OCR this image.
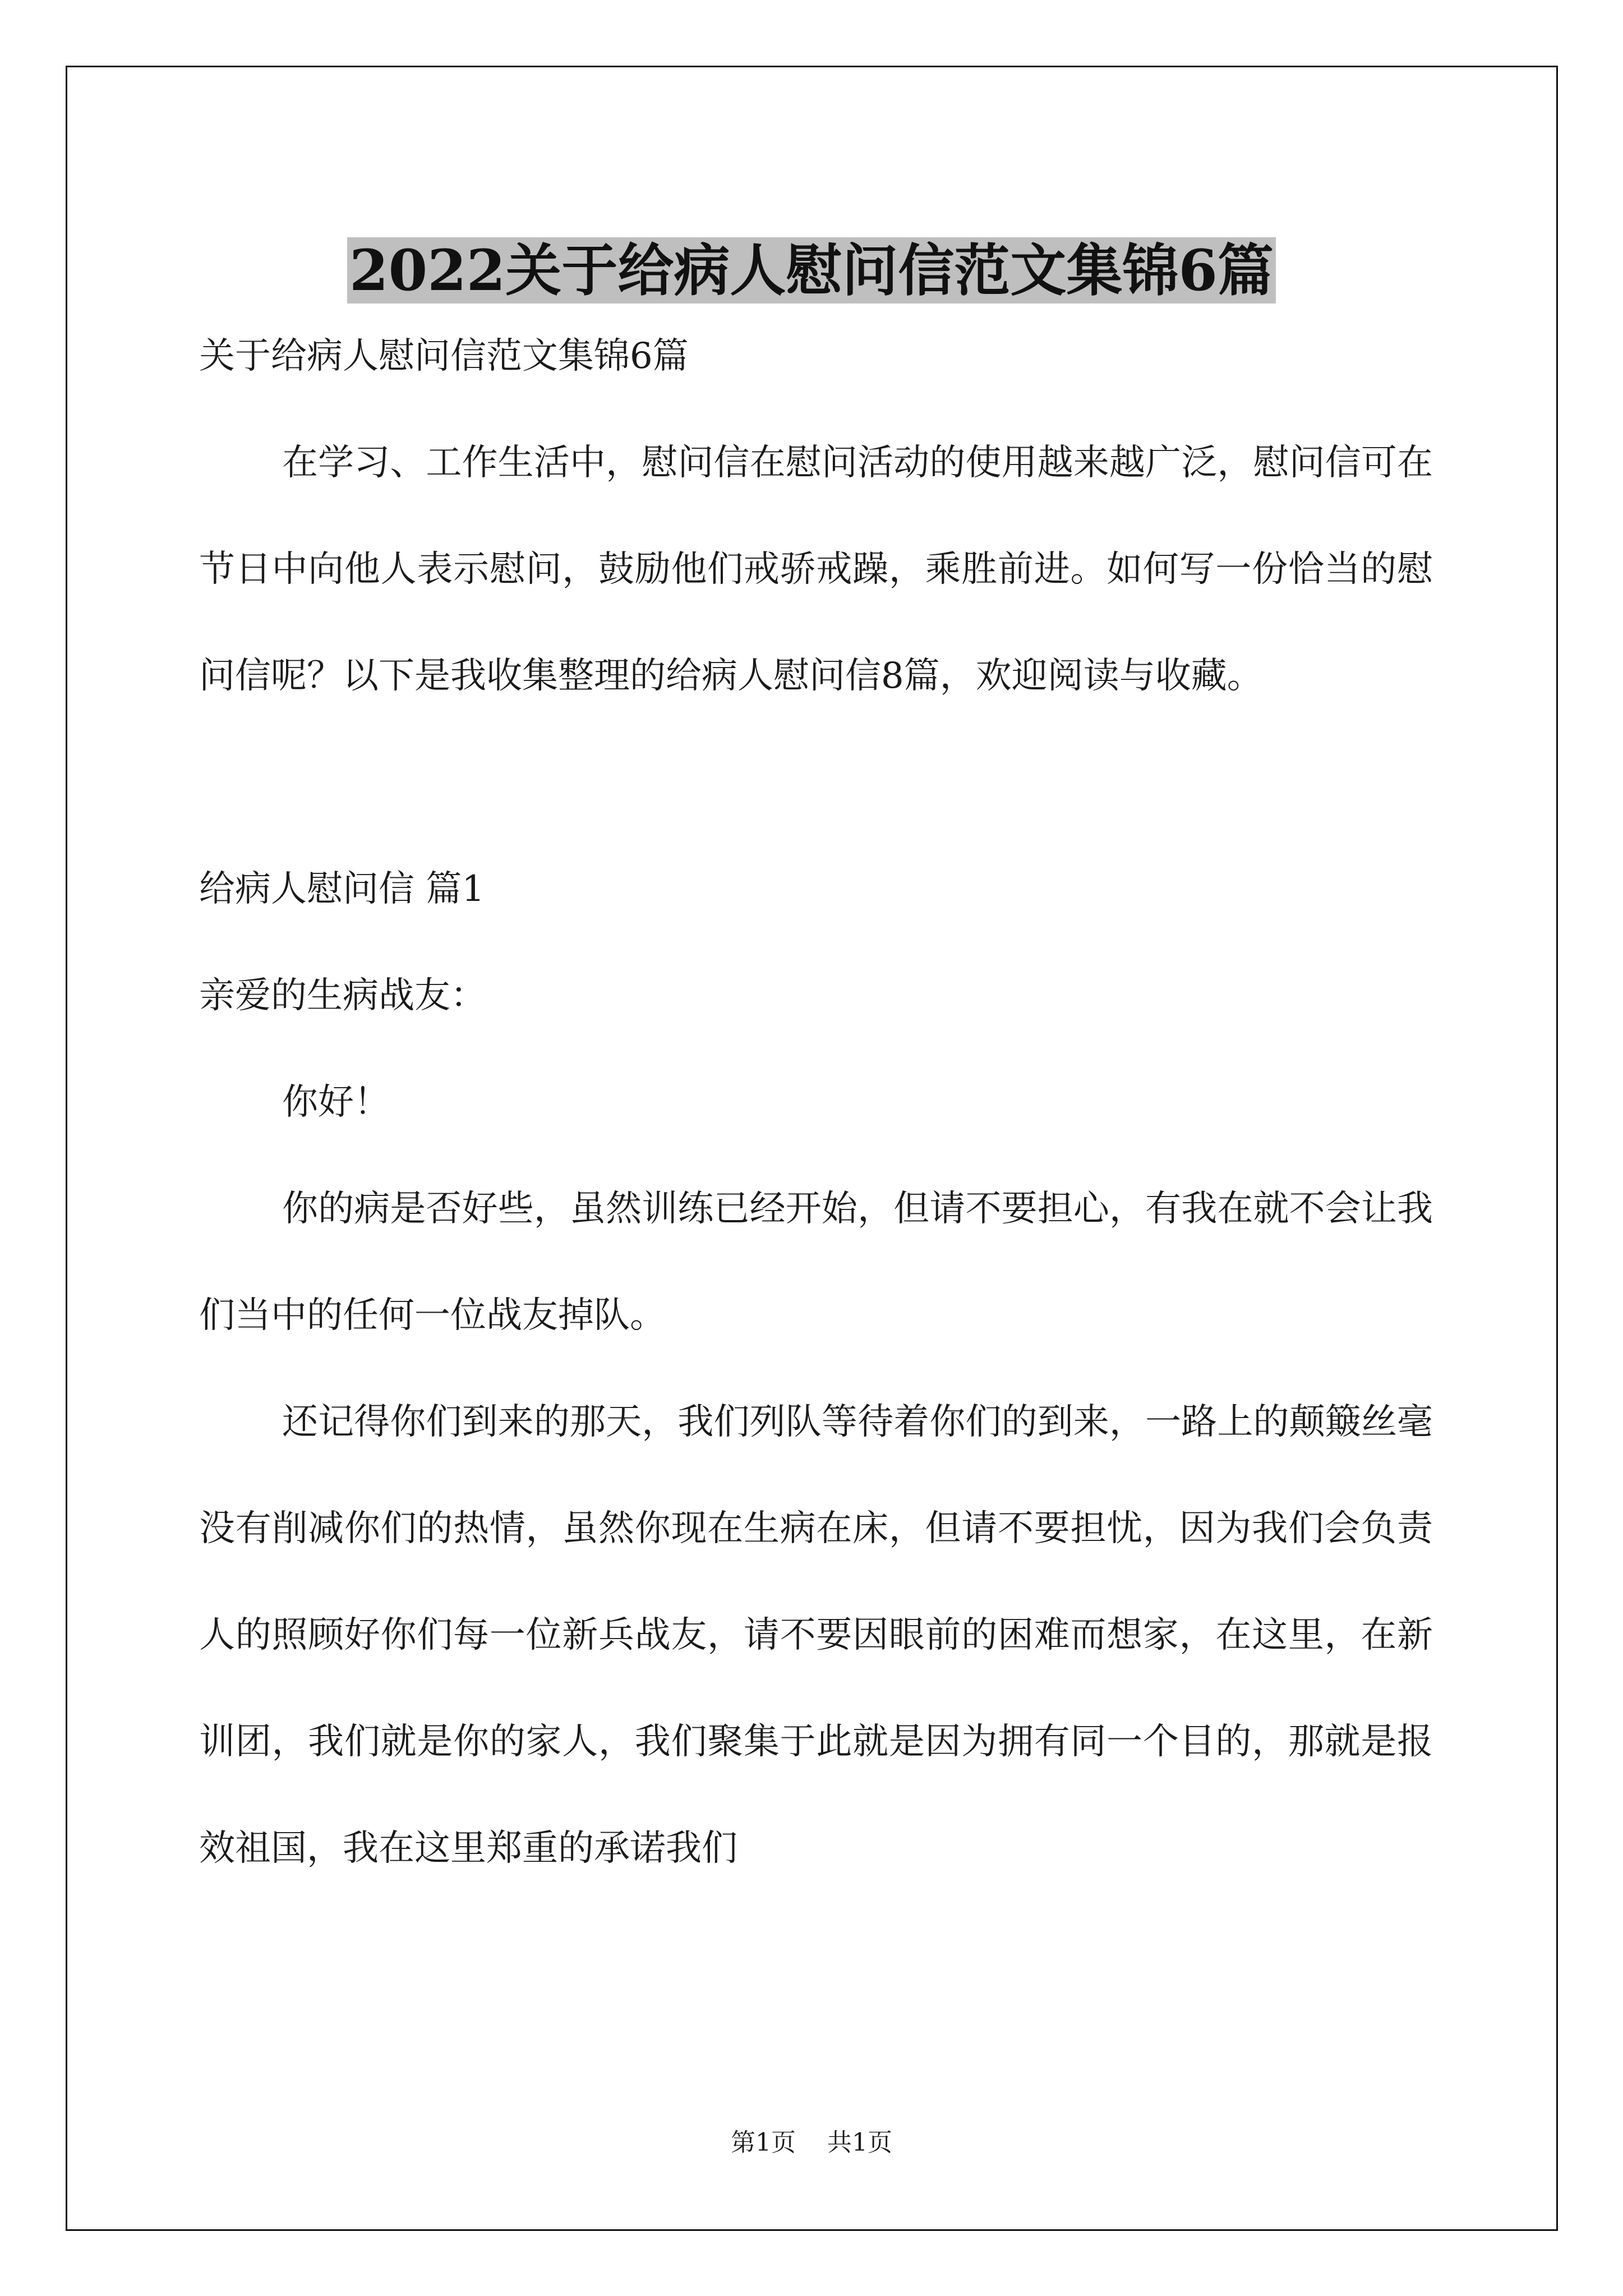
2022关于给病人慰问信范文集锦6篇

关于给病人慰问信范文集锦6篇

在学习、工作生活中，慰问信在慰问活动的使用越来越广泛，慰问信可在节日中向他人表示慰问，鼓励他们戒骄戒躁，乘胜前进。如何写一份恰当的慰问信呢？以下是我收集整理的给病人慰问信8篇，欢迎阅读与收藏。

给病人慰问信 篇1

亲爱的生病战友：

你好！

你的病是否好些，虽然训练已经开始，但请不要担心，有我在就不会让我们当中的任何一位战友掉队。

还记得你们到来的那天，我们列队等待着你们的到来，一路上的颠簸丝毫没有削减你们的热情，虽然你现在生病在床，但请不要担忧，因为我们会负责人的照顾好你们每一位新兵战友，请不要因眼前的困难而想家，在这里，在新训团，我们就是你的家人，我们聚集于此就是因为拥有同一个目的，那就是报效祖国，我在这里郑重的承诺我们

第1页 共1页
